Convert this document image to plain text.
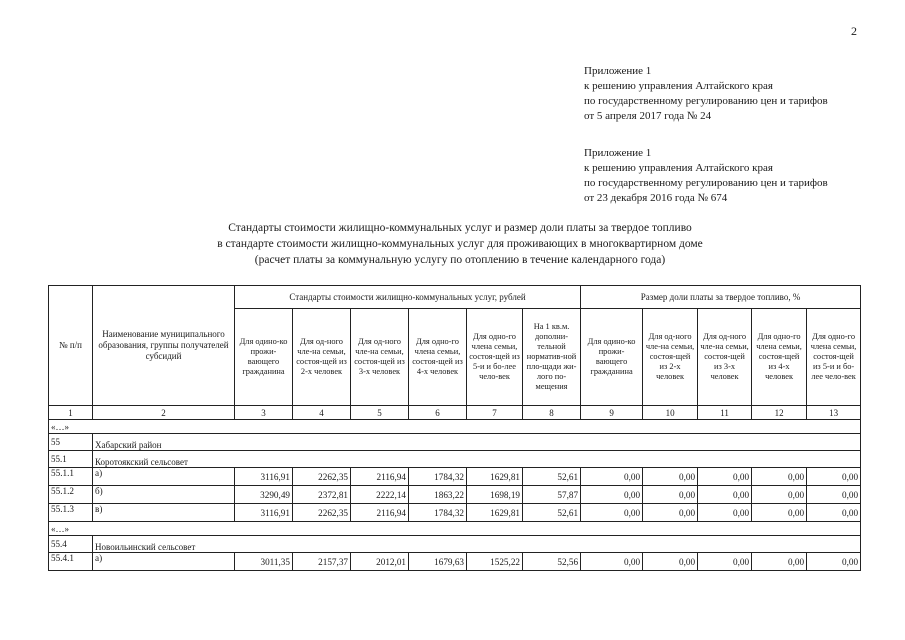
2
Приложение 1
к решению управления Алтайского края
по государственному регулированию цен и тарифов
от 5 апреля 2017 года № 24
Приложение 1
к решению управления Алтайского края
по государственному регулированию цен и тарифов
от 23 декабря 2016 года № 674
Стандарты стоимости жилищно-коммунальных услуг и размер доли платы за твердое топливо
в стандарте стоимости жилищно-коммунальных услуг для проживающих в многоквартирном доме
(расчет платы за коммунальную услугу по отоплению в течение календарного года)
№ п/п	Наименование муниципального образования, группы получателей субсидий	Стандарты стоимости жилищно-коммунальных услуг, рублей						Размер доли платы за твердое топливо, %				
		Для одино-ко прожи-вающего гражданина	Для од-ного чле-на семьи, состоя-щей из 2-х человек	Для од-ного чле-на семьи, состоя-щей из 3-х человек	Для одно-го члена семьи, состоя-щей из 4-х человек	Для одно-го члена семьи, состоя-щей из 5-и и бо-лее чело-век	На 1 кв.м. дополни-тельной норматив-ной пло-щади жи-лого по-мещения	Для одино-ко прожи-вающего гражданина	Для од-ного чле-на семьи, состоя-щей из 2-х человек	Для од-ного чле-на семьи, состоя-щей из 3-х человек	Для одно-го члена семьи, состоя-щей из 4-х человек	Для одно-го члена семьи, состоя-щей из 5-и и бо-лее чело-век
1	2	3	4	5	6	7	8	9	10	11	12	13
«…»												
55	Хабарский район											
55.1	Коротоякский сельсовет											
55.1.1	а)	3116,91	2262,35	2116,94	1784,32	1629,81	52,61	0,00	0,00	0,00	0,00	0,00
55.1.2	б)	3290,49	2372,81	2222,14	1863,22	1698,19	57,87	0,00	0,00	0,00	0,00	0,00
55.1.3	в)	3116,91	2262,35	2116,94	1784,32	1629,81	52,61	0,00	0,00	0,00	0,00	0,00
«…»												
55.4	Новоильинский сельсовет											
55.4.1	а)	3011,35	2157,37	2012,01	1679,63	1525,22	52,56	0,00	0,00	0,00	0,00	0,00
